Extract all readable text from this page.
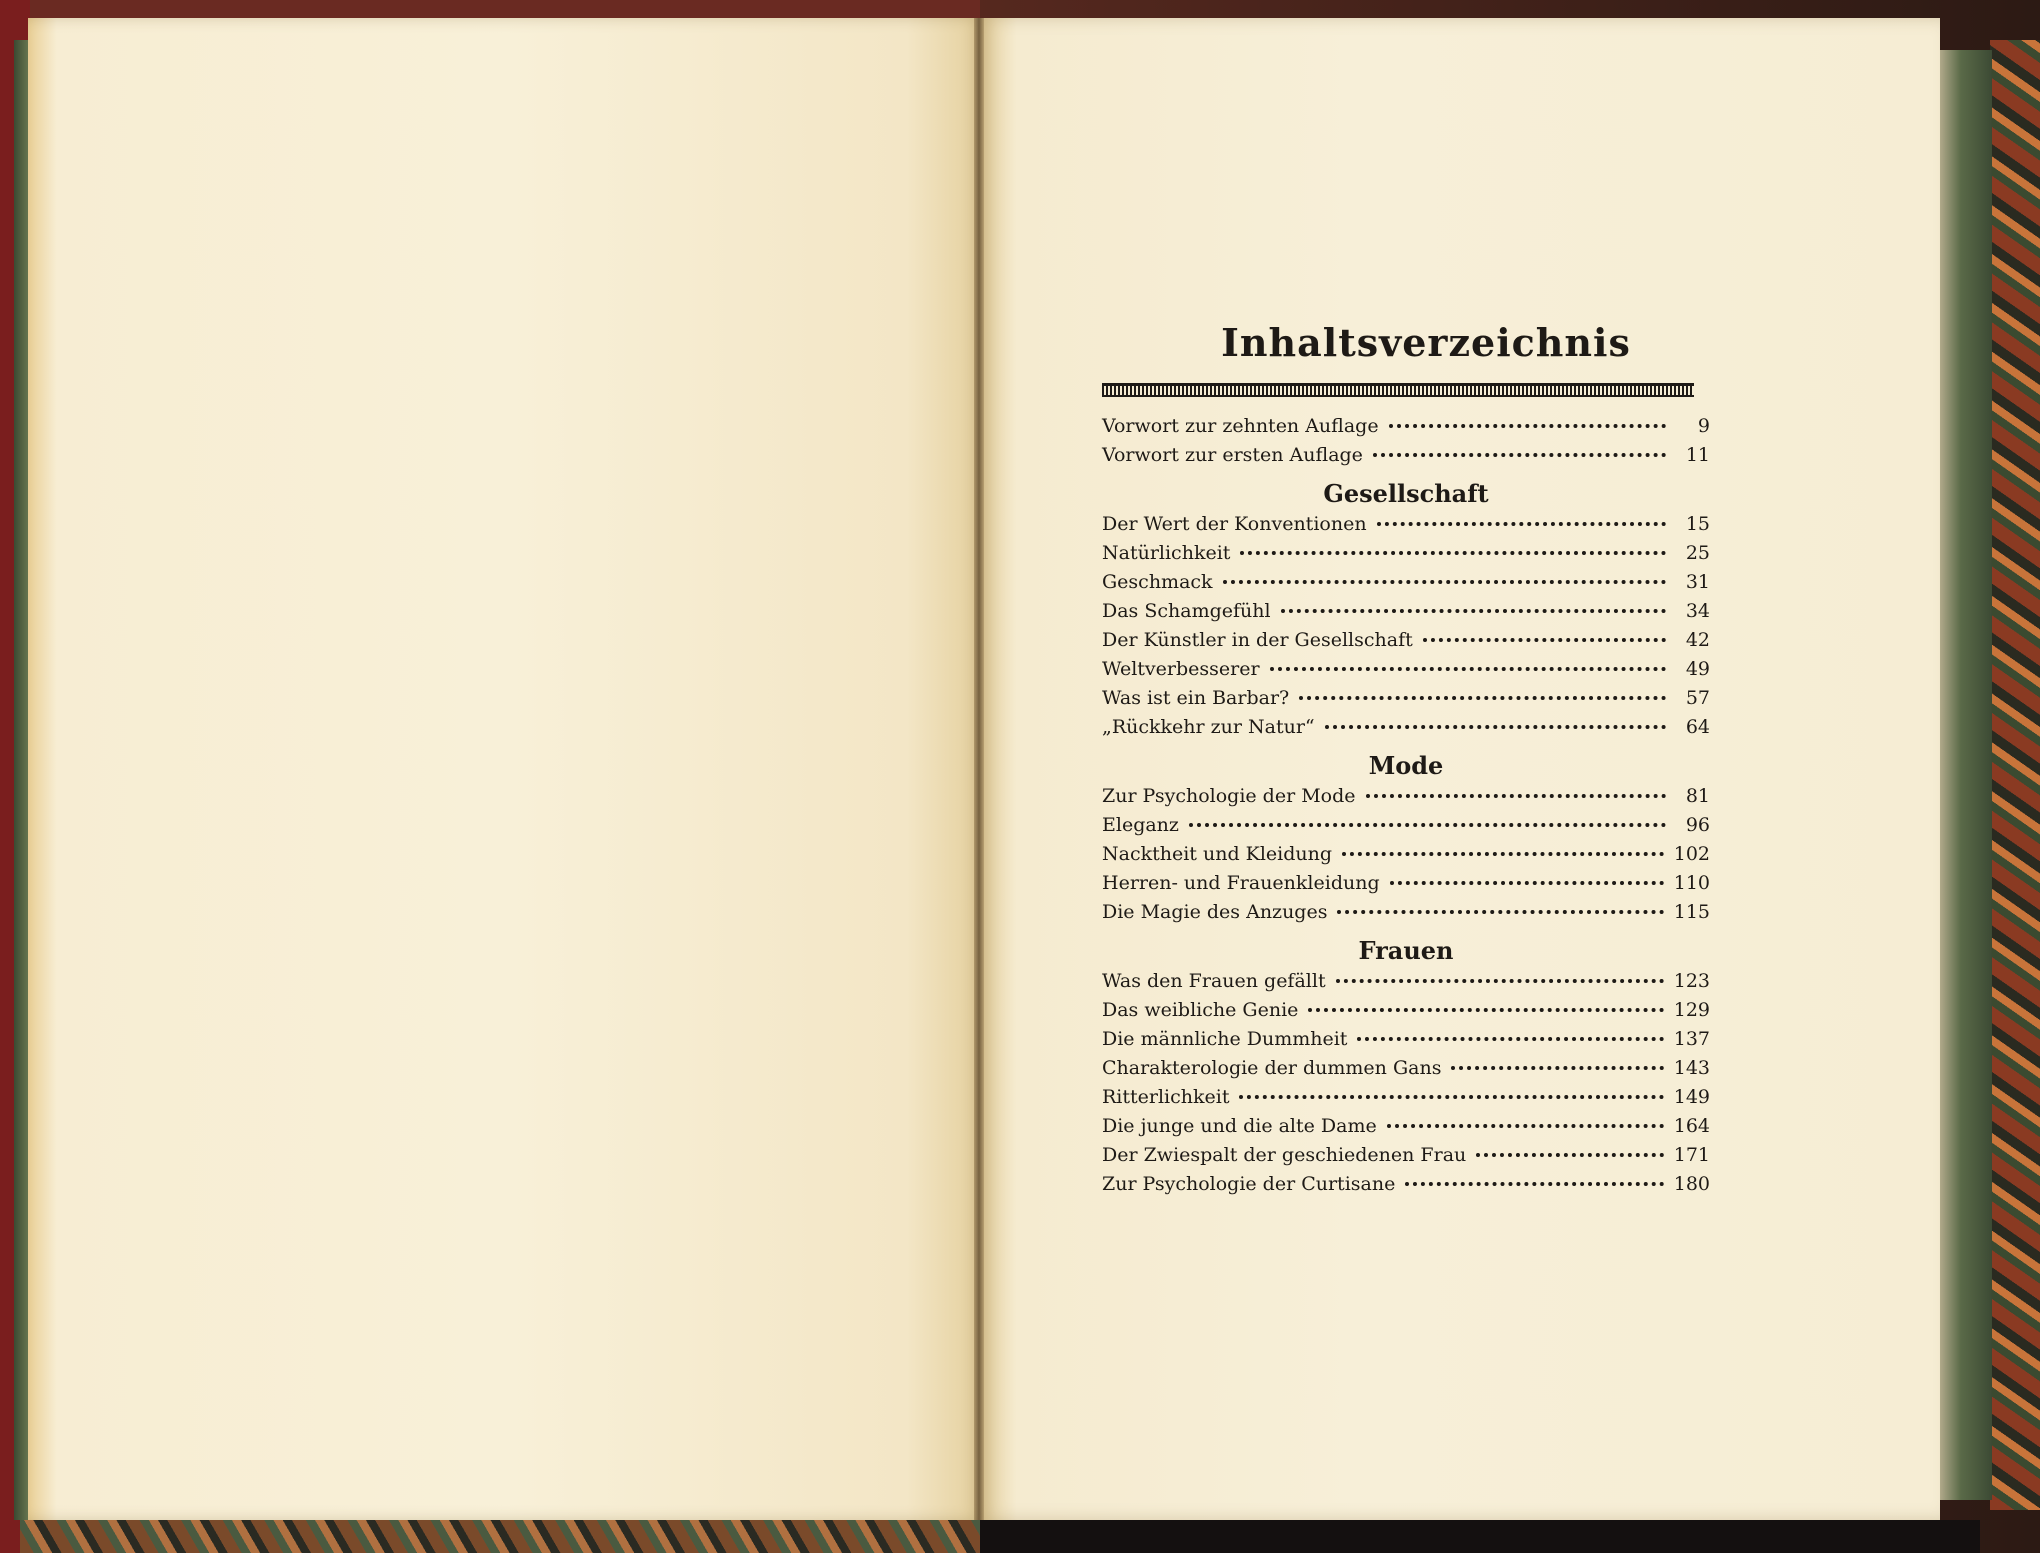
Inhaltsverzeichnis
Vorwort zur zehnten Auflage	9
Vorwort zur ersten Auflage	11
Gesellschaft
Der Wert der Konventionen	15
Natürlichkeit	25
Geschmack	31
Das Schamgefühl	34
Der Künstler in der Gesellschaft	42
Weltverbesserer	49
Was ist ein Barbar?	57
„Rückkehr zur Natur“	64
Mode
Zur Psychologie der Mode	81
Eleganz	96
Nacktheit und Kleidung	102
Herren- und Frauenkleidung	110
Die Magie des Anzuges	115
Frauen
Was den Frauen gefällt	123
Das weibliche Genie	129
Die männliche Dummheit	137
Charakterologie der dummen Gans	143
Ritterlichkeit	149
Die junge und die alte Dame	164
Der Zwiespalt der geschiedenen Frau	171
Zur Psychologie der Curtisane	180
